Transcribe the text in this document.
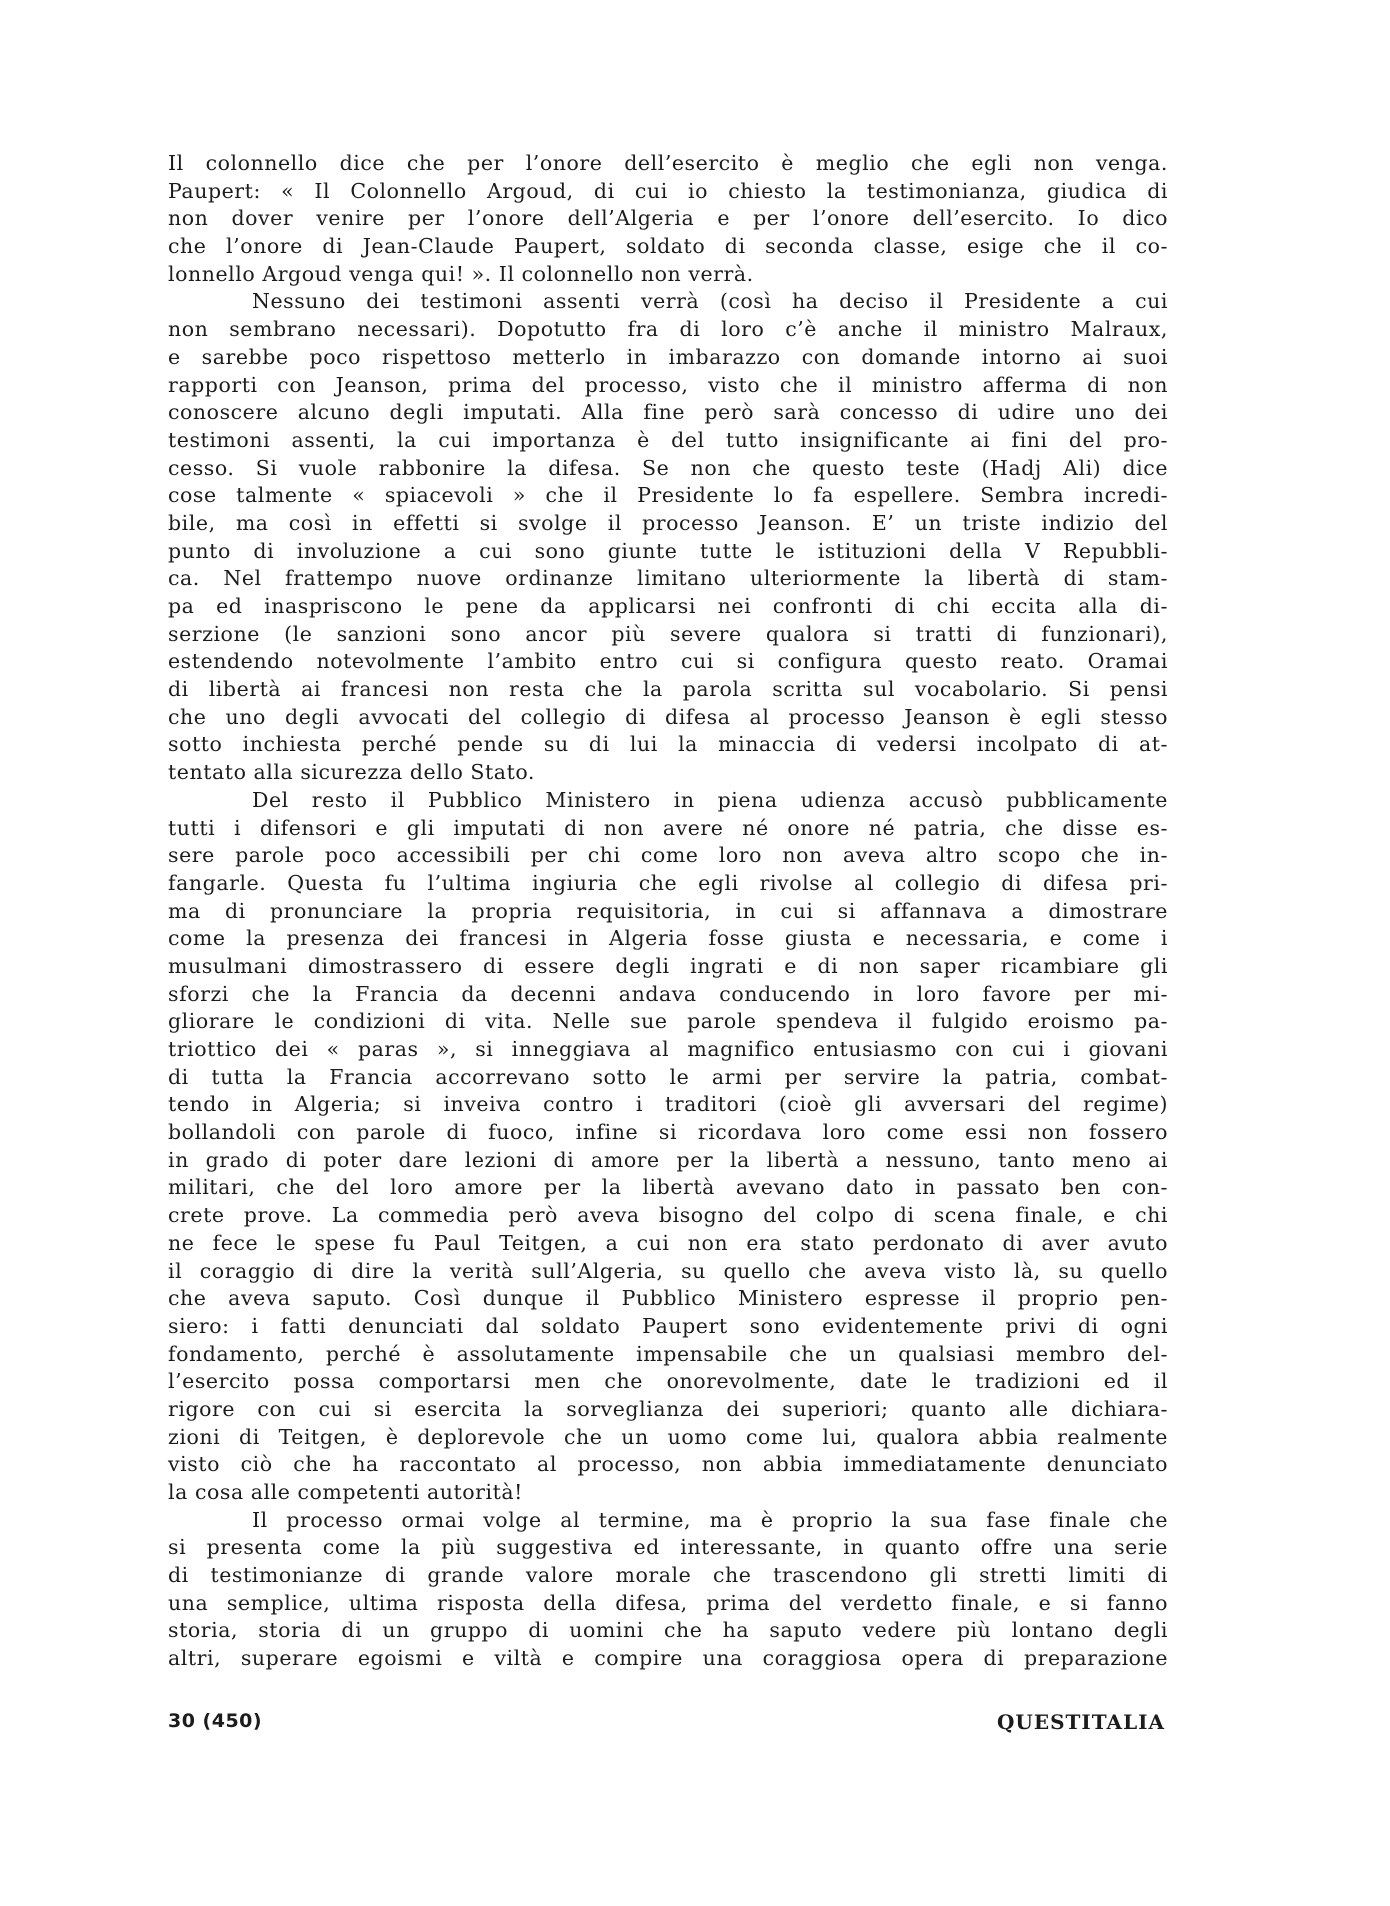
Il colonnello dice che per l’onore dell’esercito è meglio che egli non venga.
Paupert: « Il Colonnello Argoud, di cui io chiesto la testimonianza, giudica di
non dover venire per l’onore dell’Algeria e per l’onore dell’esercito. Io dico
che l’onore di Jean-Claude Paupert, soldato di seconda classe, esige che il co-
lonnello Argoud venga qui! ». Il colonnello non verrà.
Nessuno dei testimoni assenti verrà (così ha deciso il Presidente a cui
non sembrano necessari). Dopotutto fra di loro c’è anche il ministro Malraux,
e sarebbe poco rispettoso metterlo in imbarazzo con domande intorno ai suoi
rapporti con Jeanson, prima del processo, visto che il ministro afferma di non
conoscere alcuno degli imputati. Alla fine però sarà concesso di udire uno dei
testimoni assenti, la cui importanza è del tutto insignificante ai fini del pro-
cesso. Si vuole rabbonire la difesa. Se non che questo teste (Hadj Ali) dice
cose talmente « spiacevoli » che il Presidente lo fa espellere. Sembra incredi-
bile, ma così in effetti si svolge il processo Jeanson. E’ un triste indizio del
punto di involuzione a cui sono giunte tutte le istituzioni della V Repubbli-
ca. Nel frattempo nuove ordinanze limitano ulteriormente la libertà di stam-
pa ed inaspriscono le pene da applicarsi nei confronti di chi eccita alla di-
serzione (le sanzioni sono ancor più severe qualora si tratti di funzionari),
estendendo notevolmente l’ambito entro cui si configura questo reato. Oramai
di libertà ai francesi non resta che la parola scritta sul vocabolario. Si pensi
che uno degli avvocati del collegio di difesa al processo Jeanson è egli stesso
sotto inchiesta perché pende su di lui la minaccia di vedersi incolpato di at-
tentato alla sicurezza dello Stato.
Del resto il Pubblico Ministero in piena udienza accusò pubblicamente
tutti i difensori e gli imputati di non avere né onore né patria, che disse es-
sere parole poco accessibili per chi come loro non aveva altro scopo che in-
fangarle. Questa fu l’ultima ingiuria che egli rivolse al collegio di difesa pri-
ma di pronunciare la propria requisitoria, in cui si affannava a dimostrare
come la presenza dei francesi in Algeria fosse giusta e necessaria, e come i
musulmani dimostrassero di essere degli ingrati e di non saper ricambiare gli
sforzi che la Francia da decenni andava conducendo in loro favore per mi-
gliorare le condizioni di vita. Nelle sue parole spendeva il fulgido eroismo pa-
triottico dei « paras », si inneggiava al magnifico entusiasmo con cui i giovani
di tutta la Francia accorrevano sotto le armi per servire la patria, combat-
tendo in Algeria; si inveiva contro i traditori (cioè gli avversari del regime)
bollandoli con parole di fuoco, infine si ricordava loro come essi non fossero
in grado di poter dare lezioni di amore per la libertà a nessuno, tanto meno ai
militari, che del loro amore per la libertà avevano dato in passato ben con-
crete prove. La commedia però aveva bisogno del colpo di scena finale, e chi
ne fece le spese fu Paul Teitgen, a cui non era stato perdonato di aver avuto
il coraggio di dire la verità sull’Algeria, su quello che aveva visto là, su quello
che aveva saputo. Così dunque il Pubblico Ministero espresse il proprio pen-
siero: i fatti denunciati dal soldato Paupert sono evidentemente privi di ogni
fondamento, perché è assolutamente impensabile che un qualsiasi membro del-
l’esercito possa comportarsi men che onorevolmente, date le tradizioni ed il
rigore con cui si esercita la sorveglianza dei superiori; quanto alle dichiara-
zioni di Teitgen, è deplorevole che un uomo come lui, qualora abbia realmente
visto ciò che ha raccontato al processo, non abbia immediatamente denunciato
la cosa alle competenti autorità!
Il processo ormai volge al termine, ma è proprio la sua fase finale che
si presenta come la più suggestiva ed interessante, in quanto offre una serie
di testimonianze di grande valore morale che trascendono gli stretti limiti di
una semplice, ultima risposta della difesa, prima del verdetto finale, e si fanno
storia, storia di un gruppo di uomini che ha saputo vedere più lontano degli
altri, superare egoismi e viltà e compire una coraggiosa opera di preparazione
30 (450)	QUESTITALIA
